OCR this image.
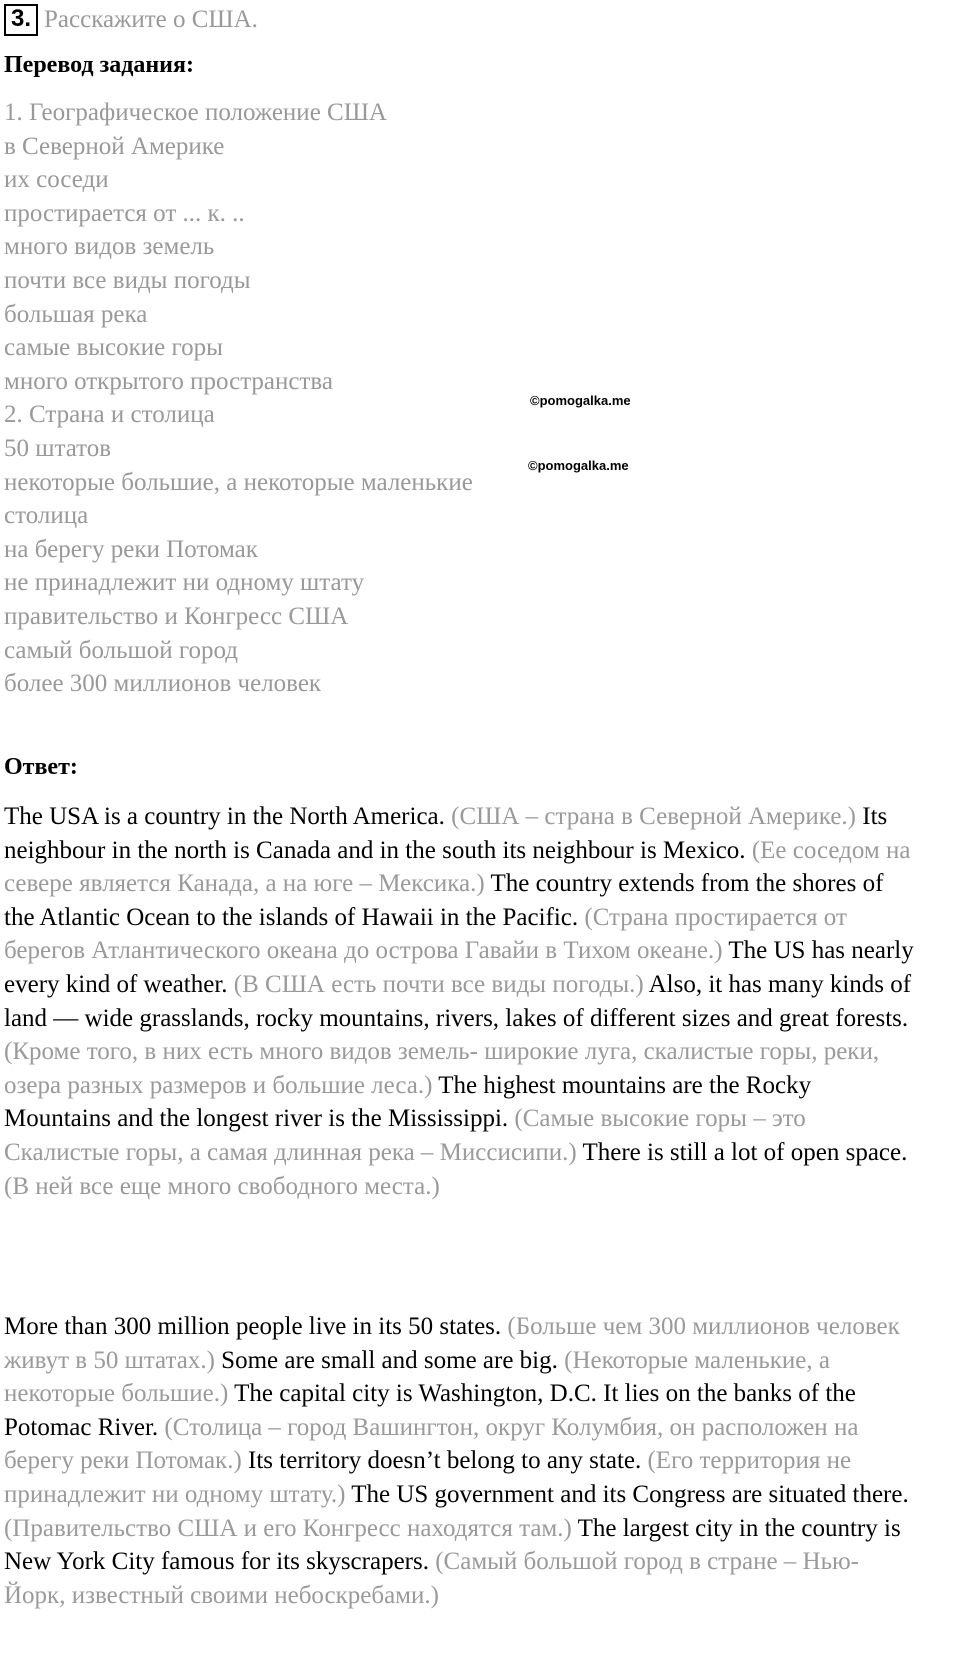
3. Расскажите о США.
Перевод задания:
1. Географическое положение США
в Северной Америке
их соседи
простирается от ... к. ..
много видов земель
почти все виды погоды
большая река
самые высокие горы
много открытого пространства
2. Страна и столица
50 штатов
некоторые большие, а некоторые маленькие
столица
на берегу реки Потомак
не принадлежит ни одному штату
правительство и Конгресс США
самый большой город
более 300 миллионов человек
©pomogalka.me
©pomogalka.me
Ответ:

The USA is a country in the North America. (США – страна в Северной Америке.) Its neighbour in the north is Canada and in the south its neighbour is Mexico. (Ее соседом на севере является Канада, а на юге – Мексика.) The country extends from the shores of the Atlantic Ocean to the islands of Hawaii in the Pacific. (Страна простирается от берегов Атлантического океана до острова Гавайи в Тихом океане.) The US has nearly every kind of weather. (В США есть почти все виды погоды.) Also, it has many kinds of land — wide grasslands, rocky mountains, rivers, lakes of different sizes and great forests. (Кроме того, в них есть много видов земель- широкие луга, скалистые горы, реки, озера разных размеров и большие леса.) The highest mountains are the Rocky Mountains and the longest river is the Mississippi. (Самые высокие горы – это Скалистые горы, а самая длинная река – Миссисипи.) There is still a lot of open space. (В ней все еще много свободного места.)

More than 300 million people live in its 50 states. (Больше чем 300 миллионов человек живут в 50 штатах.) Some are small and some are big. (Некоторые маленькие, а некоторые большие.) The capital city is Washington, D.C. It lies on the banks of the Potomac River. (Столица – город Вашингтон, округ Колумбия, он расположен на берегу реки Потомак.) Its territory doesn’t belong to any state. (Его территория не принадлежит ни одному штату.) The US government and its Congress are situated there. (Правительство США и его Конгресс находятся там.) The largest city in the country is New York City famous for its skyscrapers. (Самый большой город в стране – Нью-Йорк, известный своими небоскребами.)
